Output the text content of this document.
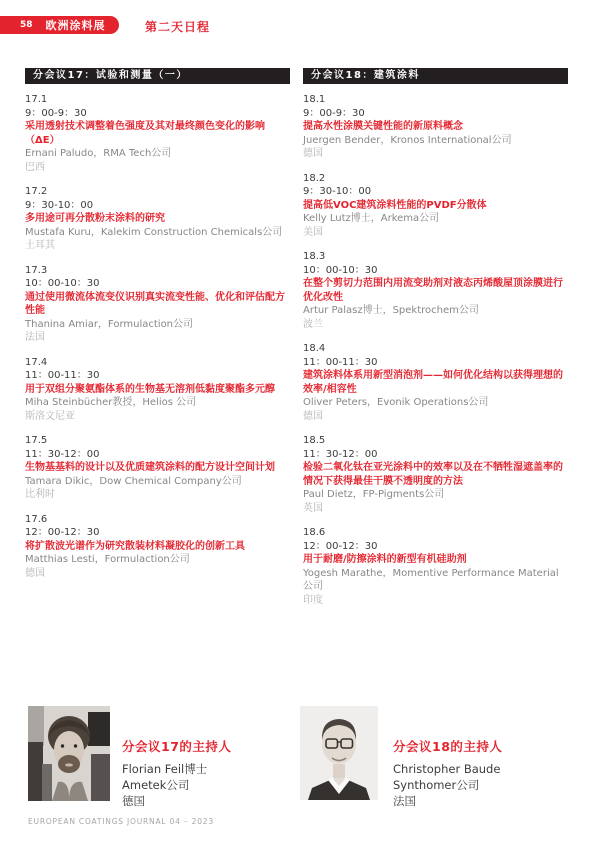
58 欧洲涂料展	第二天日程
分会议17：试验和测量（一）
17.1
9：00-9：30
采用透射技术调整着色强度及其对最终颜色变化的影响（ΔE）
Ernani Paludo，RMA Tech公司
巴西
17.2
9：30-10：00
多用途可再分散粉末涂料的研究
Mustafa Kuru，Kalekim Construction Chemicals公司
土耳其
17.3
10：00-10：30
通过使用微流体流变仪识别真实流变性能、优化和评估配方性能
Thanina Amiar，Formulaction公司
法国
17.4
11：00-11：30
用于双组分聚氨酯体系的生物基无溶剂低黏度聚酯多元醇
Miha Steinbücher教授，Helios 公司
斯洛文尼亚
17.5
11：30-12：00
生物基基料的设计以及优质建筑涂料的配方设计空间计划
Tamara Dikic，Dow Chemical Company公司
比利时
17.6
12：00-12：30
将扩散波光谱作为研究散装材料凝胶化的创新工具
Matthias Lesti，Formulaction公司
德国
分会议18：建筑涂料
18.1
9：00-9：30
提高水性涂膜关键性能的新原料概念
Juergen Bender，Kronos International公司
德国
18.2
9：30-10：00
提高低VOC建筑涂料性能的PVDF分散体
Kelly Lutz博士，Arkema公司
美国
18.3
10：00-10：30
在整个剪切力范围内用流变助剂对液态丙烯酸屋顶涂膜进行优化改性
Artur Palasz博士，Spektrochem公司
波兰
18.4
11：00-11：30
建筑涂料体系用新型消泡剂——如何优化结构以获得理想的效率/相容性
Oliver Peters，Evonik Operations公司
德国
18.5
11：30-12：00
检验二氧化钛在亚光涂料中的效率以及在不牺牲湿遮盖率的情况下获得最佳干膜不透明度的方法
Paul Dietz，FP-Pigments公司
英国
18.6
12：00-12：30
用于耐磨/防擦涂料的新型有机硅助剂
Yogesh Marathe，Momentive Performance Material公司
印度
分会议17的主持人
Florian Feil博士
Ametek公司
德国
分会议18的主持人
Christopher Baude
Synthomer公司
法国
EUROPEAN COATINGS JOURNAL 04 – 2023
